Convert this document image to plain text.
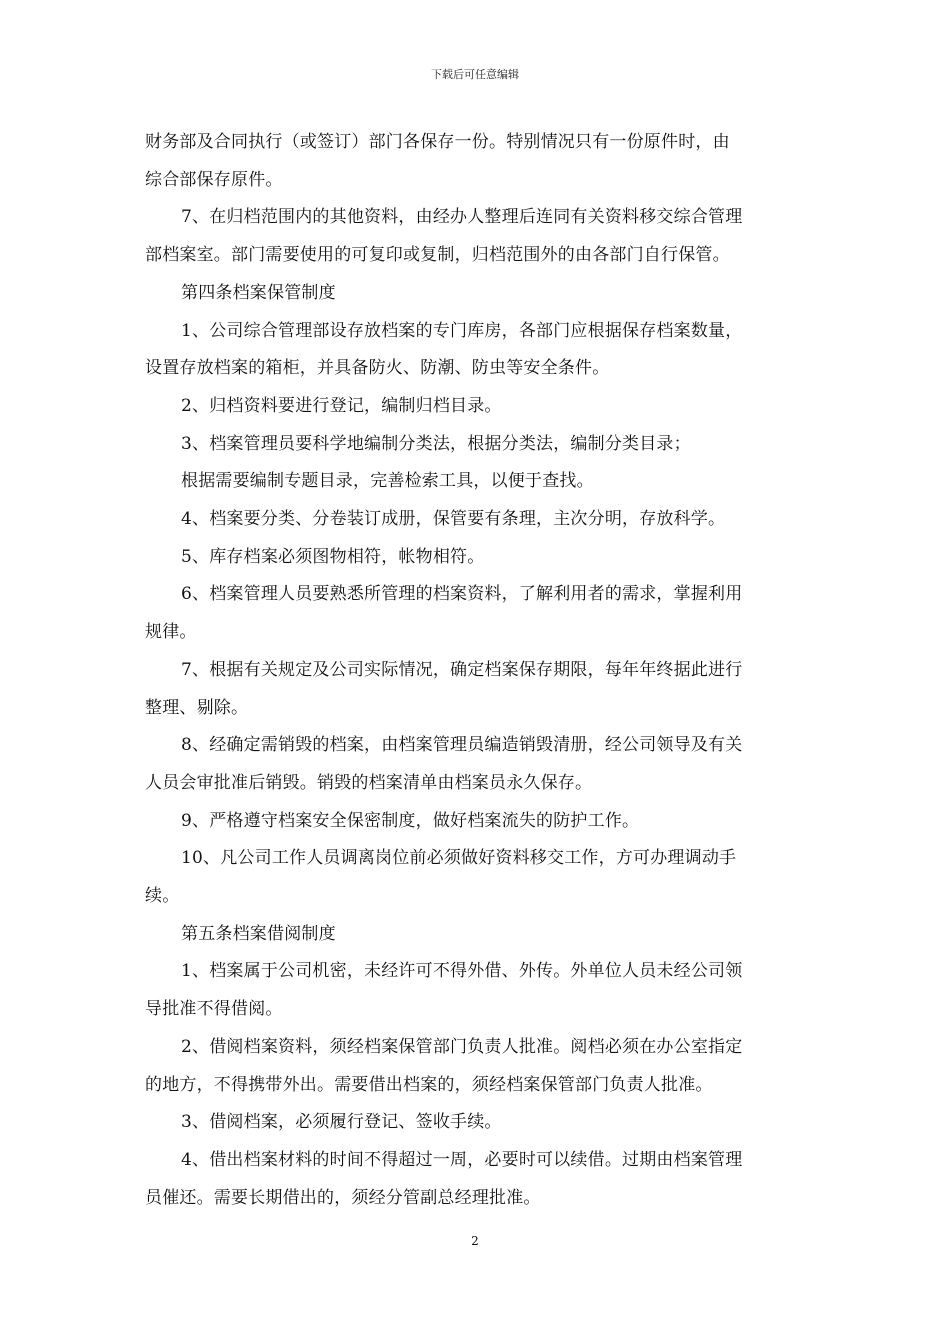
下载后可任意编辑

财务部及合同执行（或签订）部门各保存一份。特别情况只有一份原件时，由

综合部保存原件。

7、在归档范围内的其他资料，由经办人整理后连同有关资料移交综合管理

部档案室。部门需要使用的可复印或复制，归档范围外的由各部门自行保管。

第四条档案保管制度

1、公司综合管理部设存放档案的专门库房，各部门应根据保存档案数量，

设置存放档案的箱柜，并具备防火、防潮、防虫等安全条件。

2、归档资料要进行登记，编制归档目录。

3、档案管理员要科学地编制分类法，根据分类法，编制分类目录；

根据需要编制专题目录，完善检索工具，以便于查找。

4、档案要分类、分卷装订成册，保管要有条理，主次分明，存放科学。

5、库存档案必须图物相符，帐物相符。

6、档案管理人员要熟悉所管理的档案资料，了解利用者的需求，掌握利用

规律。

7、根据有关规定及公司实际情况，确定档案保存期限，每年年终据此进行

整理、剔除。

8、经确定需销毁的档案，由档案管理员编造销毁清册，经公司领导及有关

人员会审批准后销毁。销毁的档案清单由档案员永久保存。

9、严格遵守档案安全保密制度，做好档案流失的防护工作。

10、凡公司工作人员调离岗位前必须做好资料移交工作，方可办理调动手

续。

第五条档案借阅制度

1、档案属于公司机密，未经许可不得外借、外传。外单位人员未经公司领

导批准不得借阅。

2、借阅档案资料，须经档案保管部门负责人批准。阅档必须在办公室指定

的地方，不得携带外出。需要借出档案的，须经档案保管部门负责人批准。

3、借阅档案，必须履行登记、签收手续。

4、借出档案材料的时间不得超过一周，必要时可以续借。过期由档案管理

员催还。需要长期借出的，须经分管副总经理批准。

2
